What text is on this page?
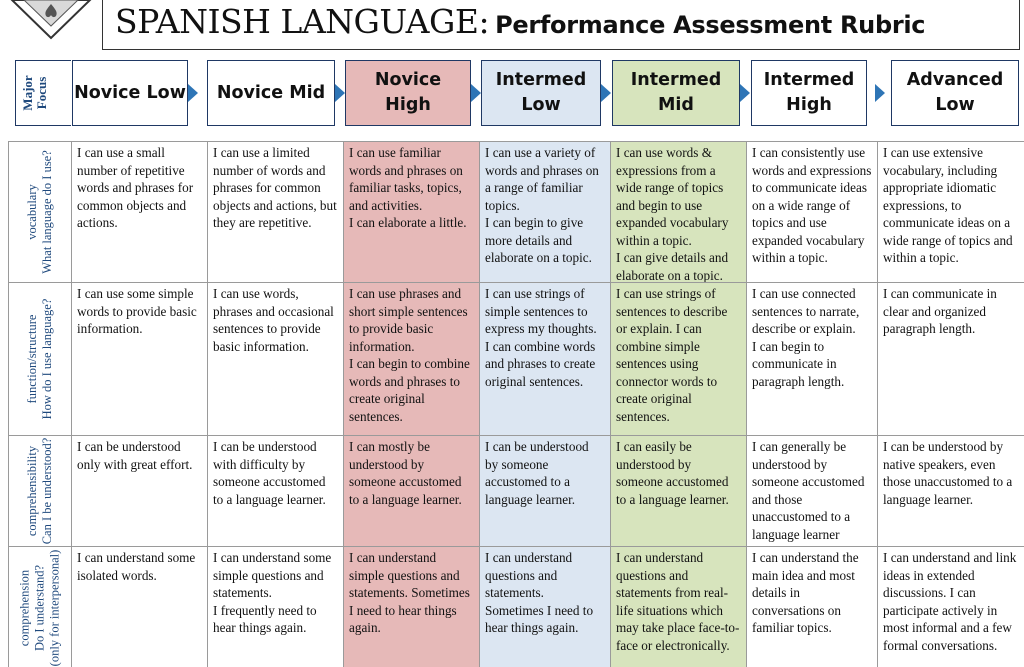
SPANISH LANGUAGE: Performance Assessment Rubric
Major Focus Novice Low Novice Mid
Novice
High
Intermed
Low
Intermed
Mid
Intermed
High
Advanced
Low
vocabulary What language do I use? I can use a small number of repetitive words and phrases for common objects and actions.
I can use a limited number of words and phrases for common objects and actions, but they are repetitive.
I can use familiar words and phrases on familiar tasks, topics, and activities.
I can elaborate a little.
I can use a variety of words and phrases on a range of familiar topics.
I can begin to give more details and elaborate on a topic.
I can use words & expressions from a wide range of topics and begin to use expanded vocabulary within a topic.
I can give details and elaborate on a topic.
I can consistently use words and expressions to communicate ideas on a wide range of topics and use expanded vocabulary within a topic.
I can use extensive vocabulary, including appropriate idiomatic expressions, to communicate ideas on a wide range of topics and within a topic.
function/structure How do I use language?
I can use some simple words to provide basic information.
I can use words, phrases and occasional sentences to provide basic information.
I can use phrases and short simple sentences to provide basic information.
I can begin to combine words and phrases to create original sentences.
I can use strings of simple sentences to express my thoughts.
I can combine words and phrases to create original sentences.
I can use strings of sentences to describe or explain. I can combine simple sentences using connector words to create original sentences.
I can use connected sentences to narrate, describe or explain.
I can begin to communicate in paragraph length.
I can communicate in clear and organized paragraph length.
comprehensibility Can I be understood? I can be understood only with great effort.
I can be understood with difficulty by someone accustomed to a language learner.
I can mostly be understood by someone accustomed to a language learner.
I can be understood by someone accustomed to a language learner.
I can easily be understood by someone accustomed to a language learner.
I can generally be understood by someone accustomed and those unaccustomed to a language learner
I can be understood by native speakers, even those unaccustomed to a language learner.
comprehension Do I understand? (only for interpersonal) I can understand some isolated words.
I can understand some simple questions and statements.
I frequently need to hear things again.
I can understand simple questions and statements. Sometimes I need to hear things again.
I can understand questions and statements. Sometimes I need to hear things again.
I can understand questions and statements from real-life situations which may take place face-to-face or electronically.
I can understand the main idea and most details in conversations on familiar topics.
I can understand and link ideas in extended discussions. I can participate actively in most informal and a few formal conversations.
